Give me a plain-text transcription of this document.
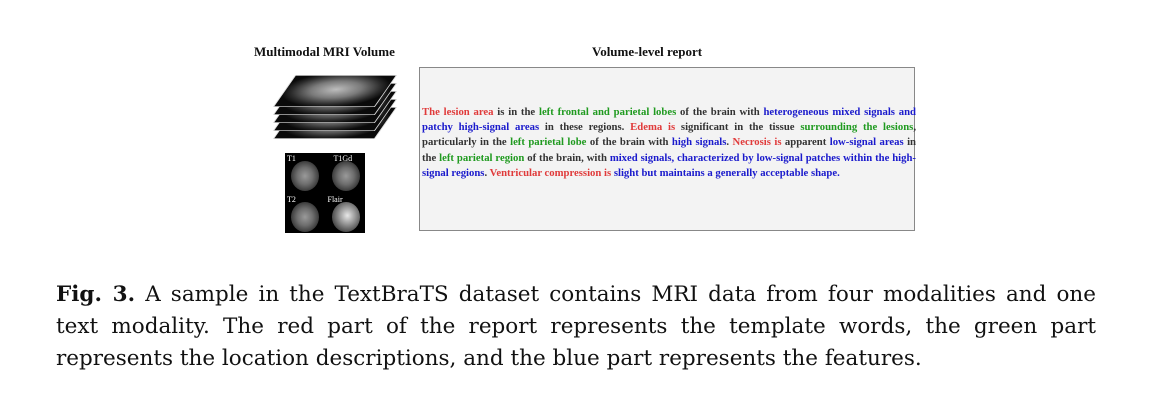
Multimodal MRI Volume	Volume-level report
T1	T1Gd
T2	Flair
The lesion area is in the left frontal and parietal lobes of the brain with heterogeneous mixed signals and patchy high-signal areas in these regions. Edema is significant in the tissue surrounding the lesions, particularly in the left parietal lobe of the brain with high signals. Necrosis is apparent low-signal areas in the left parietal region of the brain, with mixed signals, characterized by low-signal patches within the high-signal regions. Ventricular compression is slight but maintains a generally acceptable shape.
Fig. 3. A sample in the TextBraTS dataset contains MRI data from four modalities and one text modality. The red part of the report represents the template words, the green part represents the location descriptions, and the blue part represents the features.
